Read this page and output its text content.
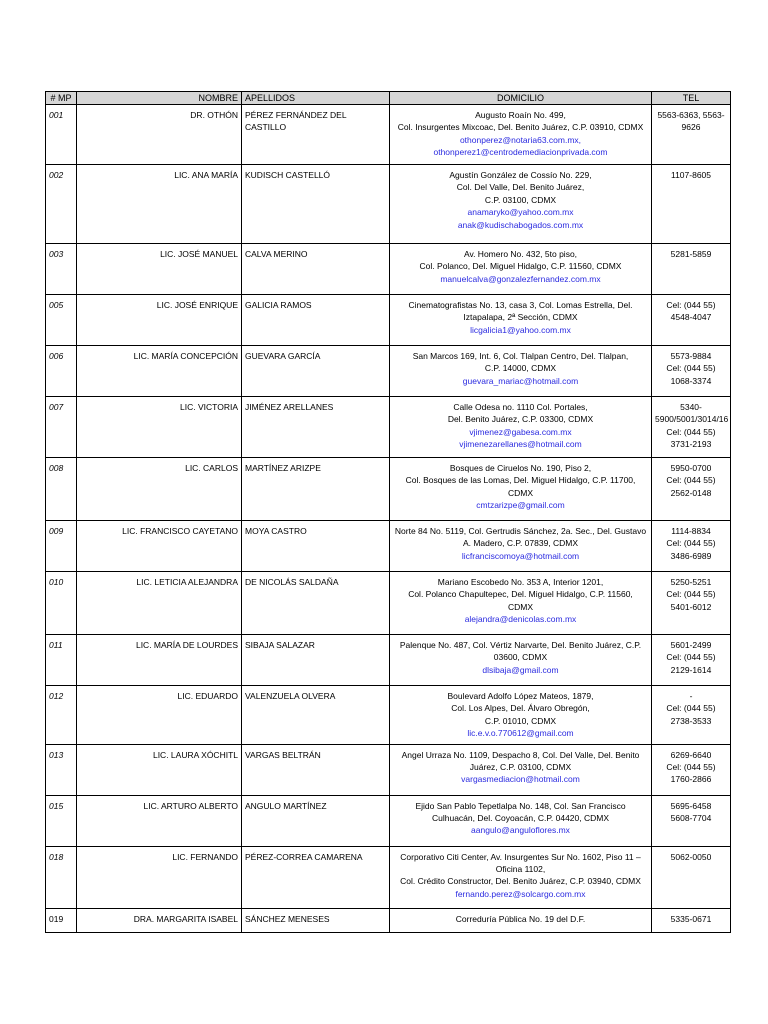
# MP	NOMBRE	APELLIDOS	DOMICILIO	TEL
001	DR. OTHÓN	PÉREZ FERNÁNDEZ DEL CASTILLO	Augusto Roaín No. 499,
Col. Insurgentes Mixcoac, Del. Benito Juárez, C.P. 03910, CDMX
othonperez@notaria63.com.mx,
othonperez1@centrodemediacionprivada.com	5563-6363, 5563-9626

002	LIC. ANA MARÍA	KUDISCH CASTELLÓ	Agustín González de Cossío No. 229,
Col. Del Valle, Del. Benito Juárez,
C.P. 03100, CDMX
anamaryko@yahoo.com.mx
anak@kudischabogados.com.mx	1107-8605

003	LIC. JOSÉ MANUEL	CALVA MERINO	Av. Homero No. 432, 5to piso,
Col. Polanco, Del. Miguel Hidalgo, C.P. 11560, CDMX
manuelcalva@gonzalezfernandez.com.mx	5281-5859

005	LIC. JOSÉ ENRIQUE	GALICIA RAMOS	Cinematografistas No. 13, casa 3, Col. Lomas Estrella, Del.
Iztapalapa, 2ª Sección, CDMX
licgalicia1@yahoo.com.mx	Cel: (044 55) 4548-4047

006	LIC. MARÍA CONCEPCIÓN	GUEVARA GARCÍA	San Marcos 169, Int. 6, Col. Tlalpan Centro, Del. Tlalpan,
C.P. 14000, CDMX
guevara_mariac@hotmail.com	5573-9884
Cel: (044 55) 1068-3374

007	LIC. VICTORIA	JIMÉNEZ ARELLANES	Calle Odesa no. 1110 Col. Portales,
Del. Benito Juárez, C.P. 03300, CDMX
vjimenez@gabesa.com.mx
vjimenezarellanes@hotmail.com	5340-5900/5001/3014/16
Cel: (044 55) 3731-2193

008	LIC. CARLOS	MARTÍNEZ ARIZPE	Bosques de Ciruelos No. 190, Piso 2,
Col. Bosques de las Lomas, Del. Miguel Hidalgo, C.P. 11700,
CDMX
cmtzarizpe@gmail.com	5950-0700
Cel: (044 55) 2562-0148

009	LIC. FRANCISCO CAYETANO	MOYA CASTRO	Norte 84 No. 5119, Col. Gertrudis Sánchez, 2a. Sec., Del. Gustavo
A. Madero, C.P. 07839, CDMX
licfranciscomoya@hotmail.com	1114-8834
Cel: (044 55) 3486-6989

010	LIC. LETICIA ALEJANDRA	DE NICOLÁS SALDAÑA	Mariano Escobedo No. 353 A, Interior 1201,
Col. Polanco Chapultepec, Del. Miguel Hidalgo, C.P. 11560,
CDMX
alejandra@denicolas.com.mx	5250-5251
Cel: (044 55) 5401-6012

011	LIC. MARÍA DE LOURDES	SIBAJA SALAZAR	Palenque No. 487, Col. Vértiz Narvarte, Del. Benito Juárez, C.P.
03600, CDMX
dlsibaja@gmail.com	5601-2499
Cel: (044 55) 2129-1614

012	LIC. EDUARDO	VALENZUELA OLVERA	Boulevard Adolfo López Mateos, 1879,
Col. Los Alpes, Del. Álvaro Obregón,
C.P. 01010, CDMX
lic.e.v.o.770612@gmail.com	-
Cel: (044 55) 2738-3533

013	LIC. LAURA XÓCHITL	VARGAS BELTRÁN	Angel Urraza No. 1109, Despacho 8, Col. Del Valle, Del. Benito
Juárez, C.P. 03100, CDMX
vargasmediacion@hotmail.com	6269-6640
Cel: (044 55) 1760-2866

015	LIC. ARTURO ALBERTO	ANGULO MARTÍNEZ	Ejido San Pablo Tepetlalpa No. 148, Col. San Francisco
Culhuacán, Del. Coyoacán, C.P. 04420, CDMX
aangulo@anguloflores.mx	5695-6458
5608-7704

018	LIC. FERNANDO	PÉREZ-CORREA CAMARENA	Corporativo Citi Center, Av. Insurgentes Sur No. 1602, Piso 11 –
Oficina 1102,
Col. Crédito Constructor, Del. Benito Juárez, C.P. 03940, CDMX
fernando.perez@solcargo.com.mx	5062-0050

019	DRA. MARGARITA ISABEL	SÁNCHEZ MENESES	Correduría Pública No. 19 del D.F.	5335-0671
